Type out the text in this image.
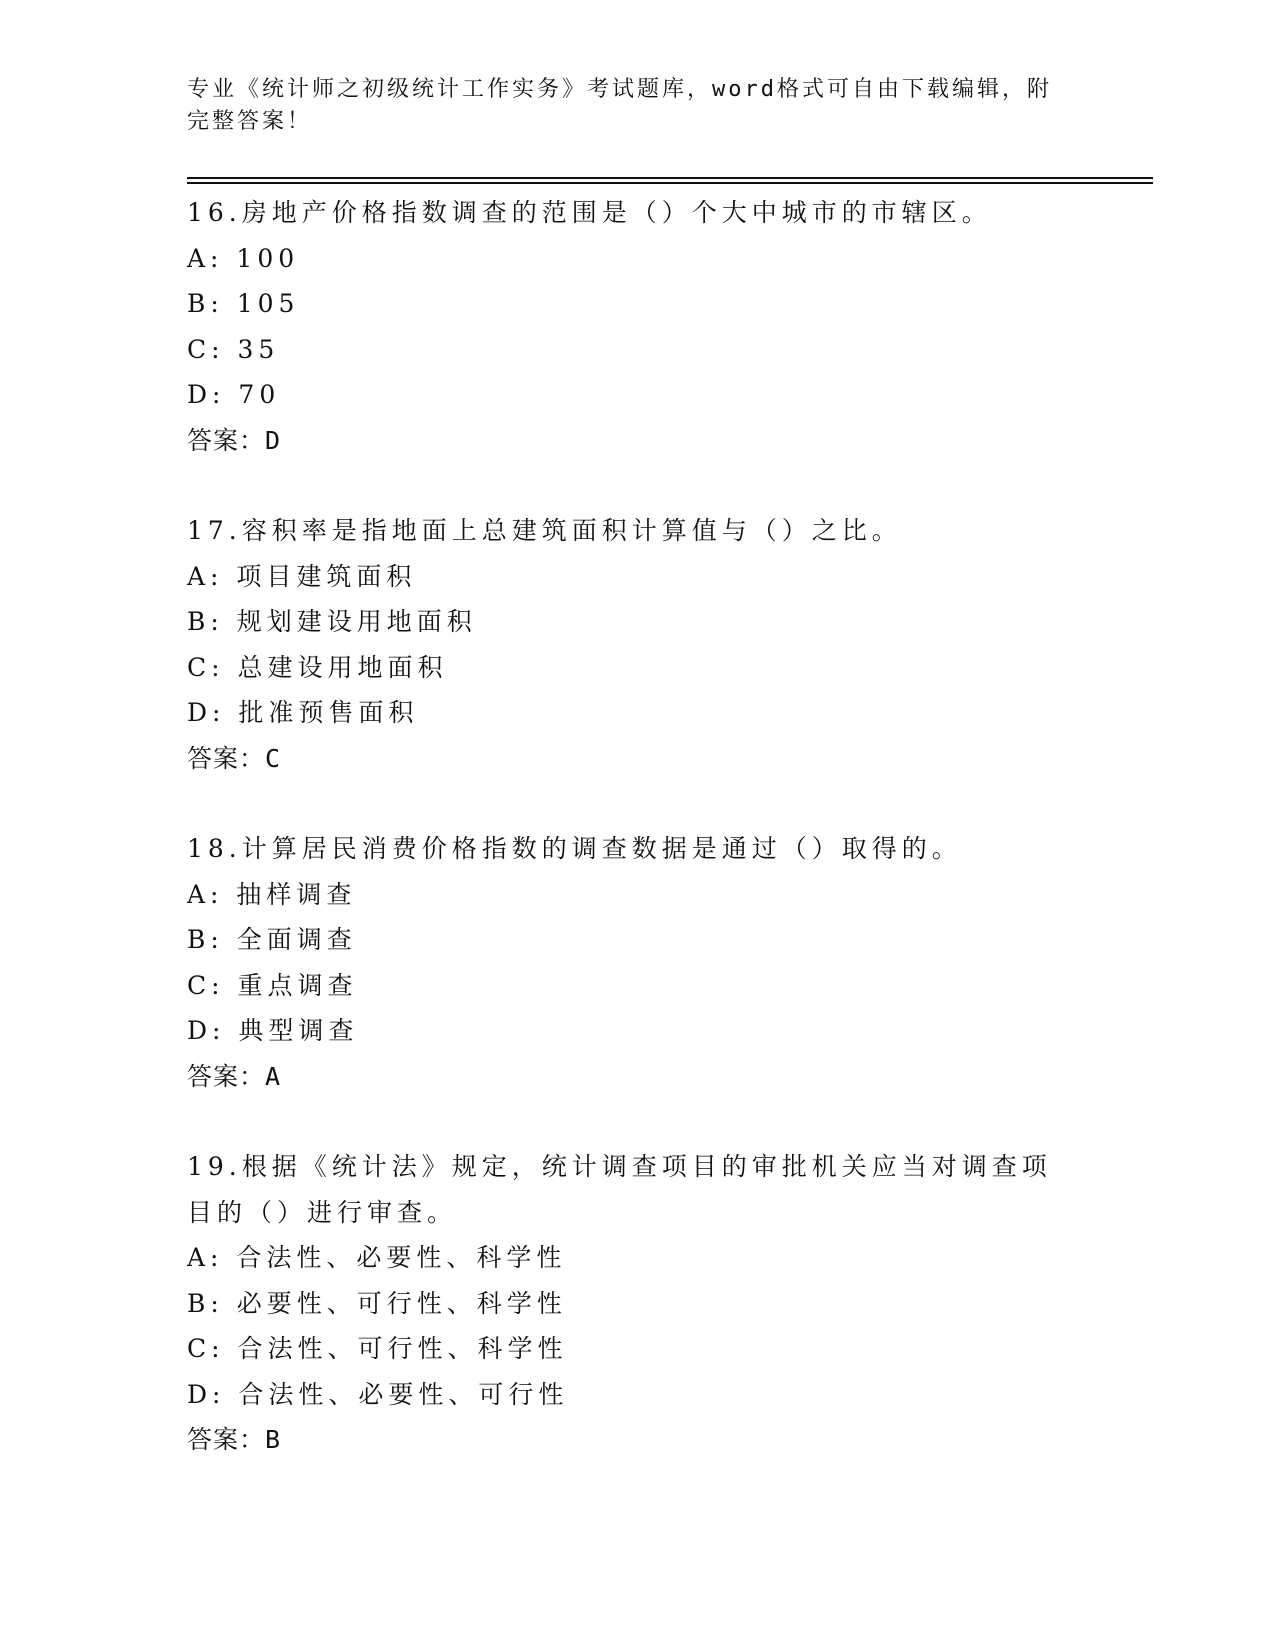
专业《统计师之初级统计工作实务》考试题库，word格式可自由下载编辑，附完整答案！
16.房地产价格指数调查的范围是（）个大中城市的市辖区。
A: 100
B: 105
C: 35
D: 70
答案：D
17.容积率是指地面上总建筑面积计算值与（）之比。
A: 项目建筑面积
B: 规划建设用地面积
C: 总建设用地面积
D: 批准预售面积
答案：C
18.计算居民消费价格指数的调查数据是通过（）取得的。
A: 抽样调查
B: 全面调查
C: 重点调查
D: 典型调查
答案：A
19.根据《统计法》规定，统计调查项目的审批机关应当对调查项目的（）进行审查。
A: 合法性、必要性、科学性
B: 必要性、可行性、科学性
C: 合法性、可行性、科学性
D: 合法性、必要性、可行性
答案：B
